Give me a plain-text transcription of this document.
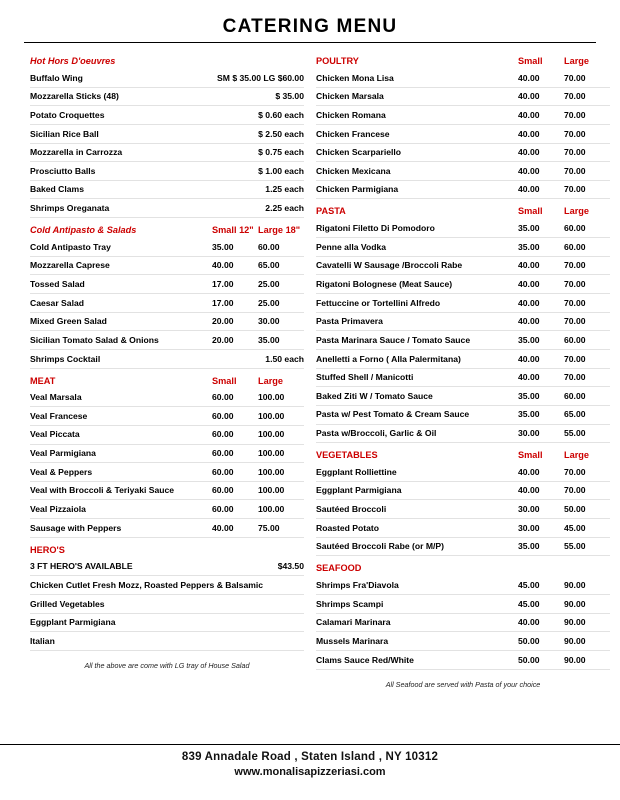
CATERING MENU
Hot Hors D'oeuvres
Buffalo Wing	SM $ 35.00 LG $60.00
Mozzarella Sticks (48)	$ 35.00
Potato Croquettes	$ 0.60 each
Sicilian Rice Ball	$ 2.50 each
Mozzarella in Carrozza	$ 0.75 each
Prosciutto Balls	$ 1.00 each
Baked Clams	1.25 each
Shrimps Oreganata	2.25 each
Cold Antipasto & Salads	Small 12" Large 18"
Cold Antipasto Tray	35.00	60.00
Mozzarella Caprese	40.00	65.00
Tossed Salad	17.00	25.00
Caesar Salad	17.00	25.00
Mixed Green Salad	20.00	30.00
Sicilian Tomato Salad & Onions	20.00	35.00
Shrimps Cocktail	1.50 each
MEAT	Small	Large
Veal Marsala	60.00	100.00
Veal Francese	60.00	100.00
Veal Piccata	60.00	100.00
Veal Parmigiana	60.00	100.00
Veal & Peppers	60.00	100.00
Veal with Broccoli & Teriyaki Sauce	60.00	100.00
Veal Pizzaiola	60.00	100.00
Sausage with Peppers	40.00	75.00
HERO'S
3 FT HERO'S AVAILABLE	$43.50
Chicken Cutlet Fresh Mozz, Roasted Peppers & Balsamic
Grilled Vegetables
Eggplant Parmigiana
Italian
All the above are come with LG tray of House Salad
POULTRY	Small	Large
Chicken Mona Lisa	40.00	70.00
Chicken Marsala	40.00	70.00
Chicken Romana	40.00	70.00
Chicken Francese	40.00	70.00
Chicken Scarpariello	40.00	70.00
Chicken Mexicana	40.00	70.00
Chicken Parmigiana	40.00	70.00
PASTA	Small	Large
Rigatoni Filetto Di Pomodoro	35.00	60.00
Penne alla Vodka	35.00	60.00
Cavatelli W Sausage /Broccoli Rabe	40.00	70.00
Rigatoni Bolognese (Meat Sauce)	40.00	70.00
Fettuccine or Tortellini Alfredo	40.00	70.00
Pasta Primavera	40.00	70.00
Pasta Marinara Sauce / Tomato Sauce	35.00	60.00
Anelletti a Forno ( Alla Palermitana)	40.00	70.00
Stuffed Shell / Manicotti	40.00	70.00
Baked Ziti W / Tomato Sauce	35.00	60.00
Pasta w/ Pest Tomato & Cream Sauce	35.00	65.00
Pasta w/Broccoli, Garlic & Oil	30.00	55.00
VEGETABLES	Small	Large
Eggplant Rolliettine	40.00	70.00
Eggplant Parmigiana	40.00	70.00
Sautéed Broccoli	30.00	50.00
Roasted Potato	30.00	45.00
Sautéed Broccoli Rabe (or M/P)	35.00	55.00
SEAFOOD
Shrimps Fra'Diavola	45.00	90.00
Shrimps Scampi	45.00	90.00
Calamari Marinara	40.00	90.00
Mussels Marinara	50.00	90.00
Clams Sauce Red/White	50.00	90.00
All Seafood are served with Pasta of your choice
839 Annadale Road , Staten Island , NY 10312
www.monalisapizzeriasi.com
